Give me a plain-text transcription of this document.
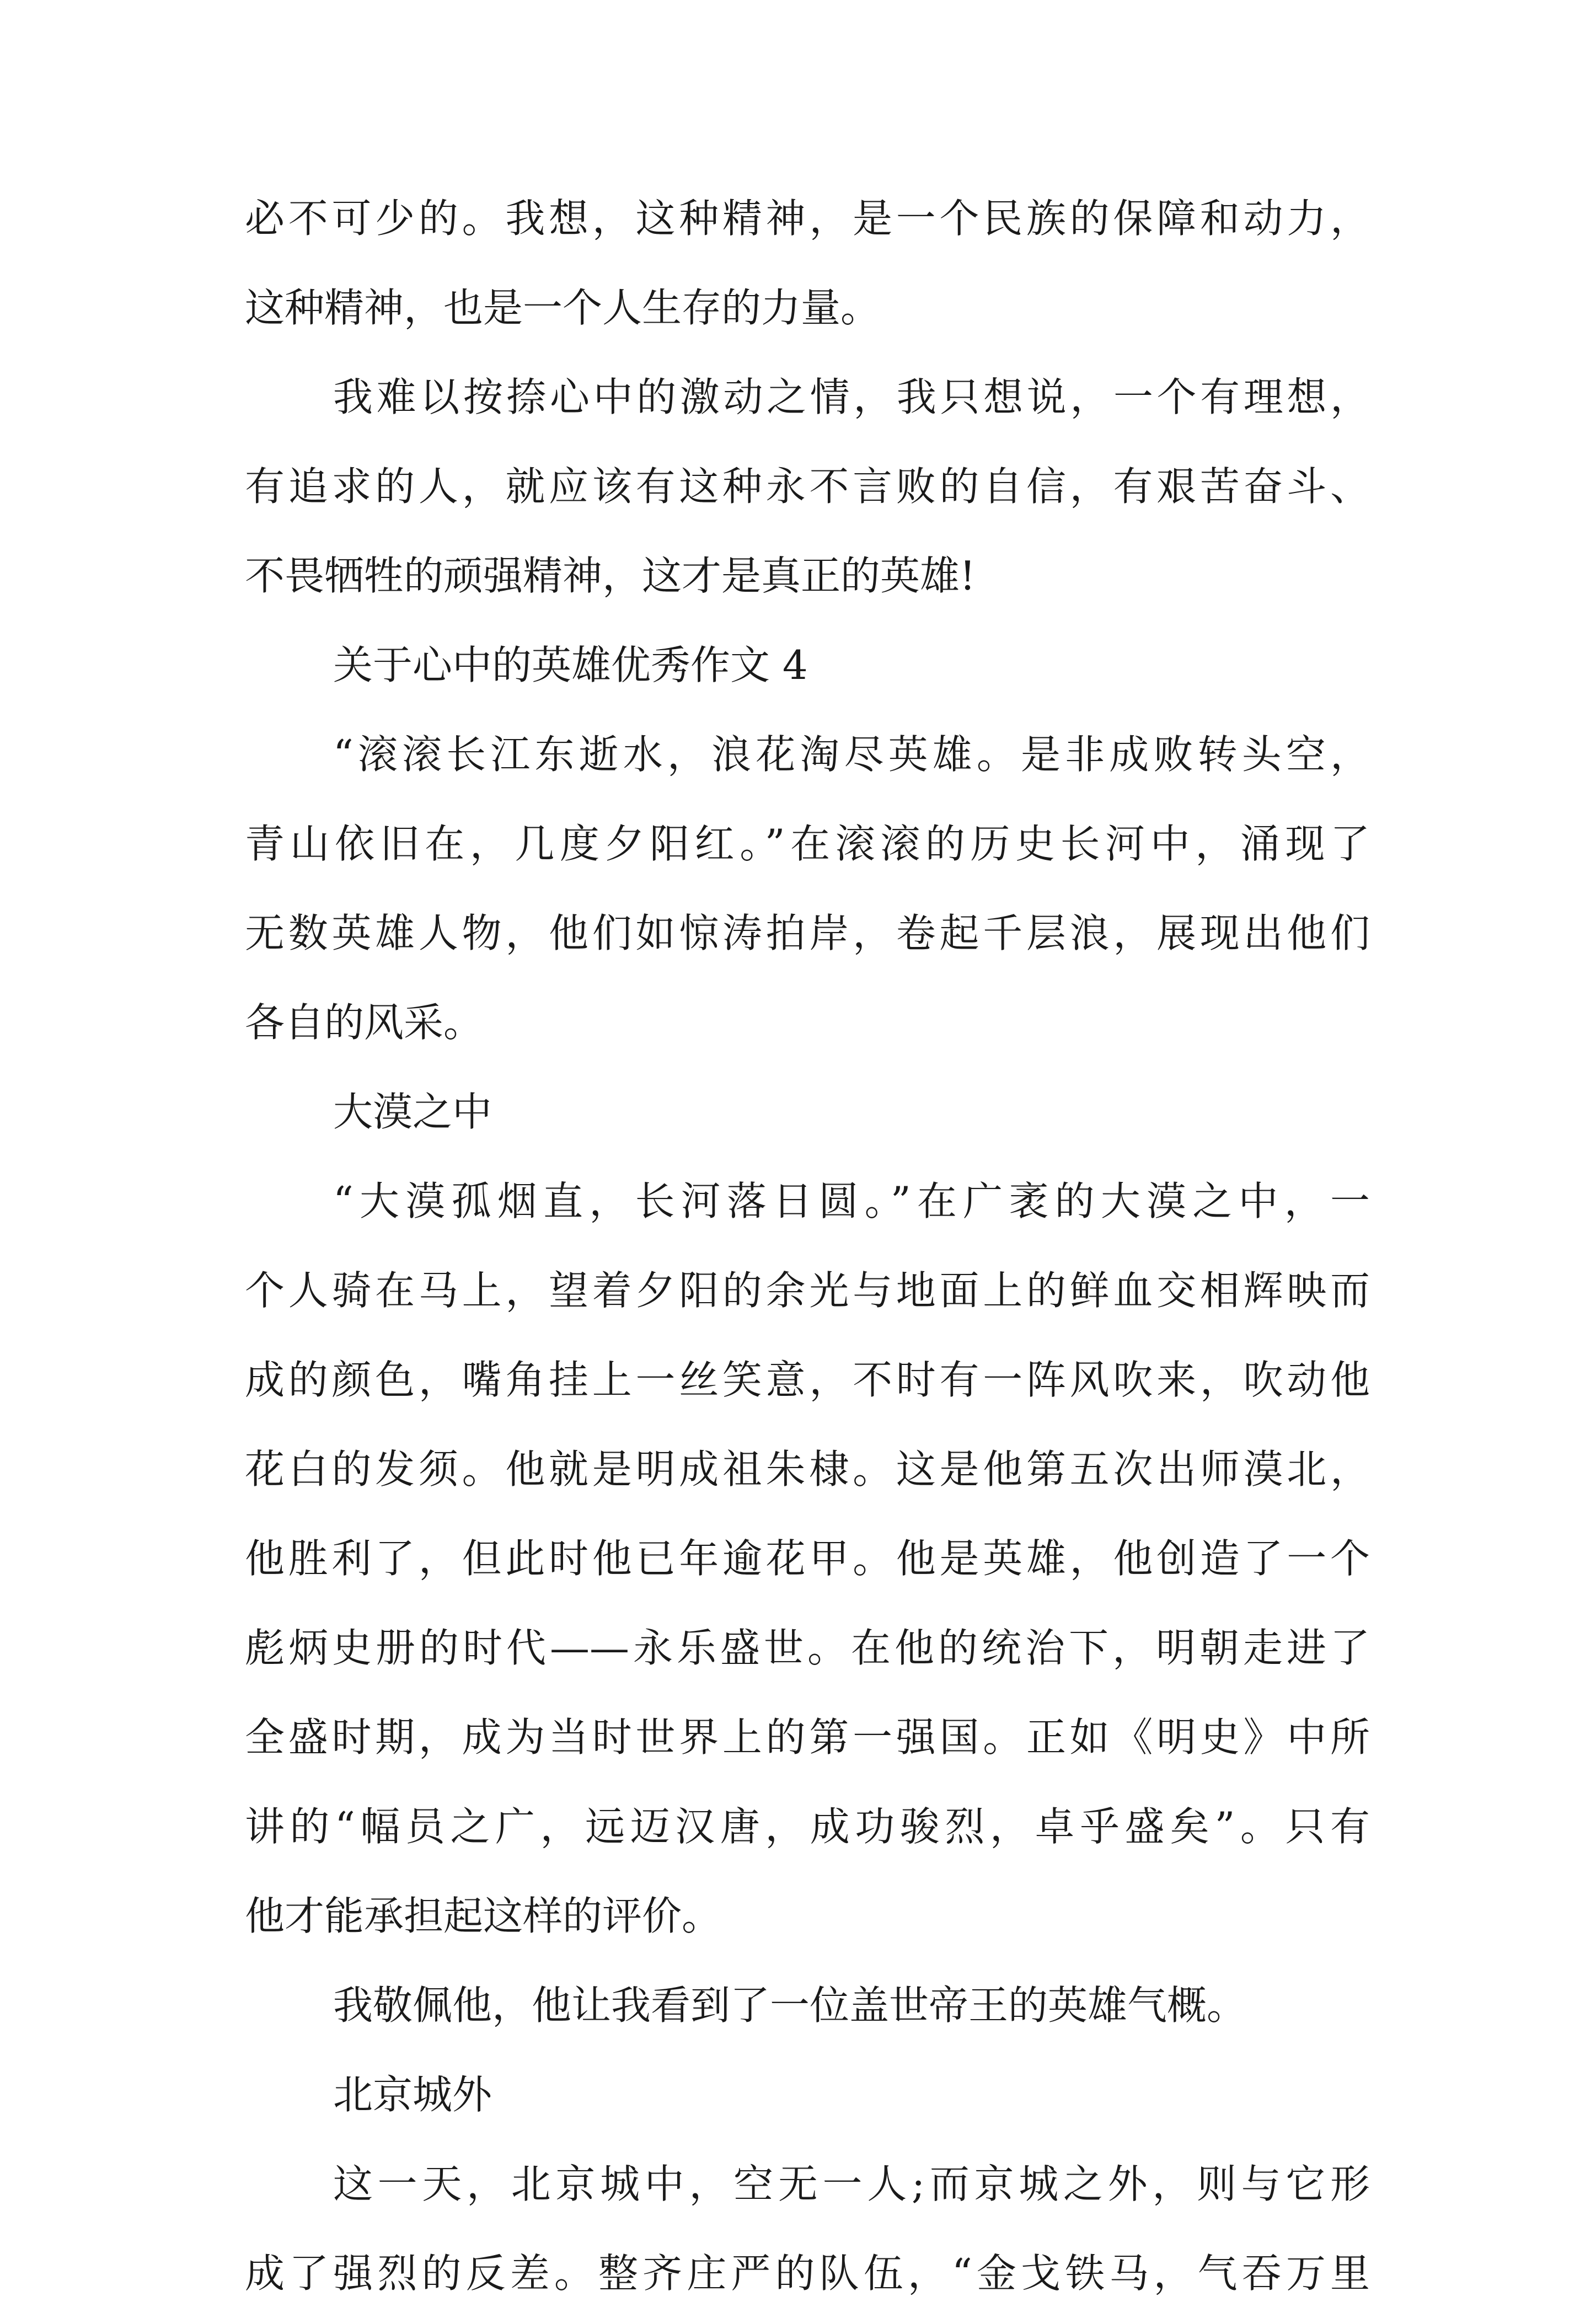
必不可少的。我想，这种精神，是一个民族的保障和动力，
这种精神，也是一个人生存的力量。
我难以按捺心中的激动之情，我只想说，一个有理想，
有追求的人，就应该有这种永不言败的自信，有艰苦奋斗、
不畏牺牲的顽强精神，这才是真正的英雄!
关于心中的英雄优秀作文 4
“滚滚长江东逝水，浪花淘尽英雄。是非成败转头空，
青山依旧在，几度夕阳红。”在滚滚的历史长河中，涌现了
无数英雄人物，他们如惊涛拍岸，卷起千层浪，展现出他们
各自的风采。
大漠之中
“大漠孤烟直，长河落日圆。”在广袤的大漠之中，一
个人骑在马上，望着夕阳的余光与地面上的鲜血交相辉映而
成的颜色，嘴角挂上一丝笑意，不时有一阵风吹来，吹动他
花白的发须。他就是明成祖朱棣。这是他第五次出师漠北，
他胜利了，但此时他已年逾花甲。他是英雄，他创造了一个
彪炳史册的时代——永乐盛世。在他的统治下，明朝走进了
全盛时期，成为当时世界上的第一强国。正如《明史》中所
讲的“幅员之广，远迈汉唐，成功骏烈，卓乎盛矣”。只有
他才能承担起这样的评价。
我敬佩他，他让我看到了一位盖世帝王的英雄气概。
北京城外
这一天，北京城中，空无一人;而京城之外，则与它形
成了强烈的反差。整齐庄严的队伍，“金戈铁马，气吞万里
